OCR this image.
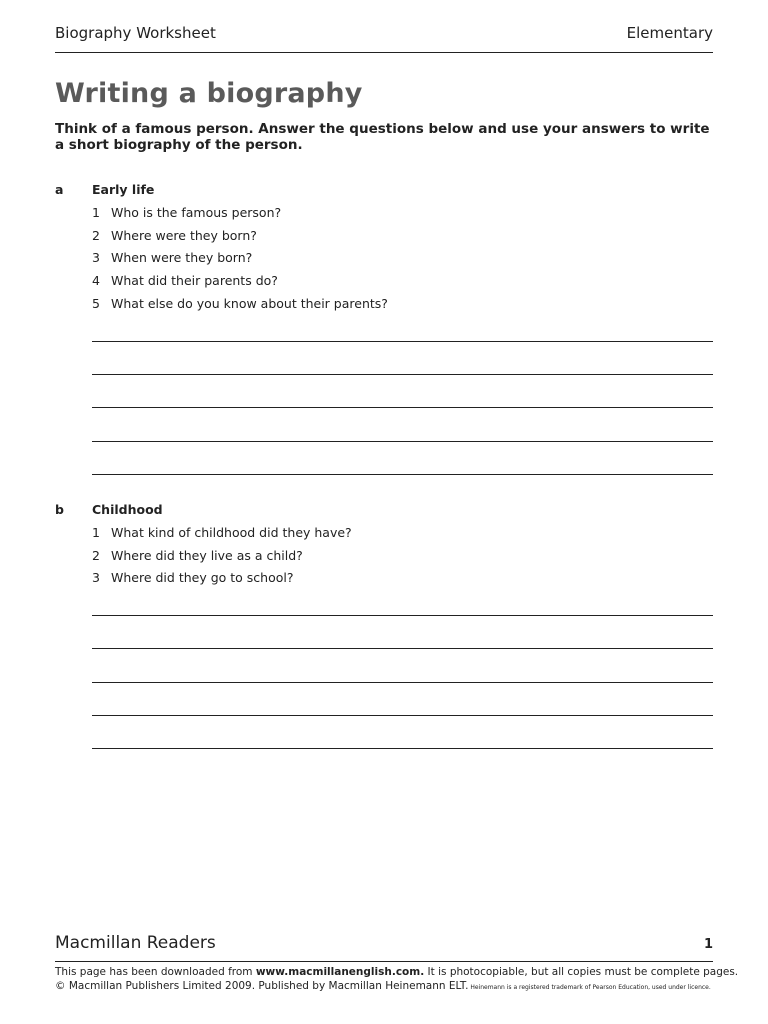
Biography Worksheet	Elementary
Writing a biography
Think of a famous person. Answer the questions below and use your answers to write a short biography of the person.
a Early life
1 Who is the famous person?
2 Where were they born?
3 When were they born?
4 What did their parents do?
5 What else do you know about their parents?
b Childhood
1 What kind of childhood did they have?
2 Where did they live as a child?
3 Where did they go to school?
Macmillan Readers	1
This page has been downloaded from www.macmillanenglish.com. It is photocopiable, but all copies must be complete pages.
© Macmillan Publishers Limited 2009. Published by Macmillan Heinemann ELT. Heinemann is a registered trademark of Pearson Education, used under licence.
